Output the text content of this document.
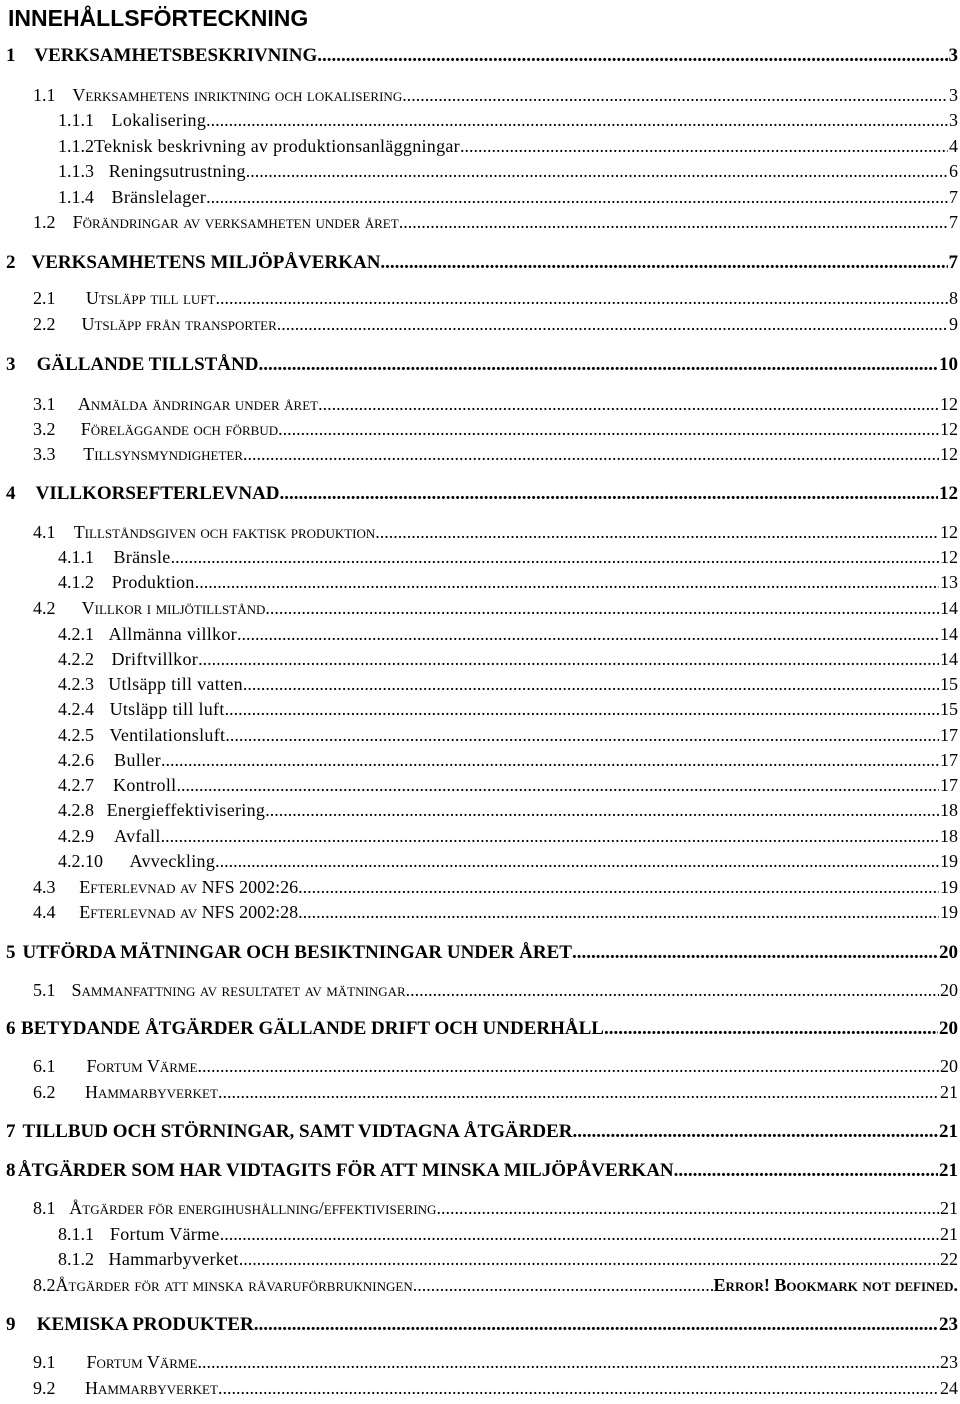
INNEHÅLLSFÖRTECKNING
1 VERKSAMHETSBESKRIVNING .....	3
1.1 Verksamhetens inriktning och lokalisering .....	3
1.1.1 Lokalisering .....	3
1.1.2 Teknisk beskrivning av produktionsanläggningar .....	4
1.1.3 Reningsutrustning .....	6
1.1.4 Bränslelager .....	7
1.2 Förändringar av verksamheten under året .....	7
2 VERKSAMHETENS MILJÖPÅVERKAN .....	7
2.1	Utsläpp till luft .....	8
2.2	Utsläpp från transporter .....	9
3	GÄLLANDE TILLSTÅND .....	10
3.1	Anmälda ändringar under året .....	12
3.2	Föreläggande och förbud .....	12
3.3	Tillsynsmyndigheter .....	12
4	VILLKORSEFTERLEVNAD .....	12
4.1	Tillståndsgiven och faktisk produktion .....	12
4.1.1	Bränsle .....	12
4.1.2 Produktion .....	13
4.2	Villkor i miljötillstånd .....	14
4.2.1 Allmänna villkor .....	14
4.2.2 Driftvillkor .....	14
4.2.3 Utlsäpp till vatten .....	15
4.2.4 Utsläpp till luft .....	15
4.2.5 Ventilationsluft .....	17
4.2.6	Buller .....	17
4.2.7	Kontroll .....	17
4.2.8 Energieffektivisering .....	18
4.2.9	Avfall .....	18
4.2.10	Avveckling .....	19
4.3	Efterlevnad av NFS 2002:26 .....	19
4.4	Efterlevnad av NFS 2002:28 .....	19
5 UTFÖRDA MÄTNINGAR OCH BESIKTNINGAR UNDER ÅRET .....	20
5.1 Sammanfattning av resultatet av mätningar .....	20
6 BETYDANDE ÅTGÄRDER GÄLLANDE DRIFT OCH UNDERHÅLL .....	20
6.1	Fortum Värme .....	20
6.2	Hammarbyverket .....	21
7 TILLBUD OCH STÖRNINGAR, SAMT VIDTAGNA ÅTGÄRDER .....	21
8 ÅTGÄRDER SOM HAR VIDTAGITS FÖR ATT MINSKA MILJÖPÅVERKAN .....	21
8.1 Åtgärder för energihushållning/effektivisering .....	21
8.1.1 Fortum Värme .....	21
8.1.2 Hammarbyverket .....	22
8.2 Åtgärder för att minska råvaruförbrukningen .....	Error! Bookmark not defined.
9	KEMISKA PRODUKTER .....	23
9.1	Fortum Värme .....	23
9.2	Hammarbyverket .....	24
